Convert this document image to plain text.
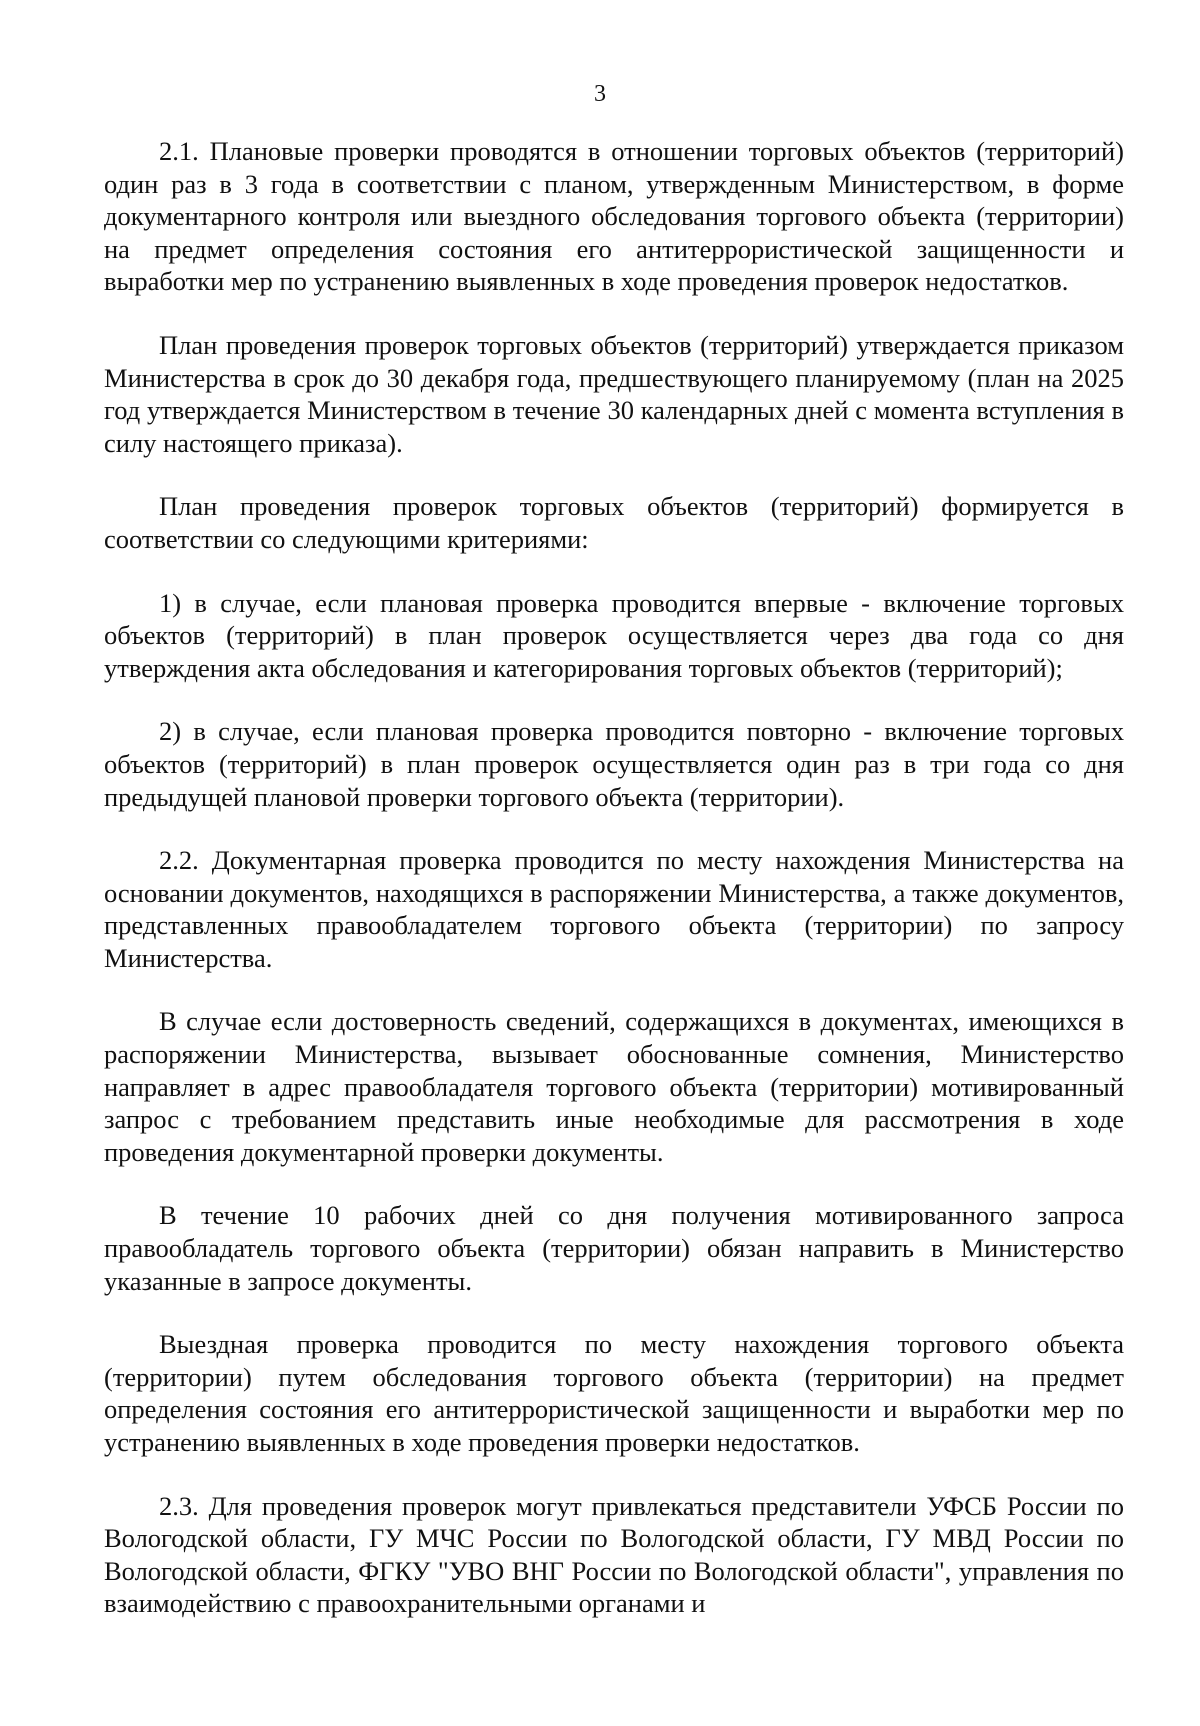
3

2.1. Плановые проверки проводятся в отношении торговых объектов (территорий) один раз в 3 года в соответствии с планом, утвержденным Министерством, в форме документарного контроля или выездного обследования торгового объекта (территории) на предмет определения состояния его антитеррористической защищенности и выработки мер по устранению выявленных в ходе проведения проверок недостатков.

План проведения проверок торговых объектов (территорий) утверждается приказом Министерства в срок до 30 декабря года, предшествующего планируемому (план на 2025 год утверждается Министерством в течение 30 календарных дней с момента вступления в силу настоящего приказа).

План проведения проверок торговых объектов (территорий) формируется в соответствии со следующими критериями:

1) в случае, если плановая проверка проводится впервые - включение торговых объектов (территорий) в план проверок осуществляется через два года со дня утверждения акта обследования и категорирования торговых объектов (территорий);

2) в случае, если плановая проверка проводится повторно - включение торговых объектов (территорий) в план проверок осуществляется один раз в три года со дня предыдущей плановой проверки торгового объекта (территории).

2.2. Документарная проверка проводится по месту нахождения Министерства на основании документов, находящихся в распоряжении Министерства, а также документов, представленных правообладателем торгового объекта (территории) по запросу Министерства.

В случае если достоверность сведений, содержащихся в документах, имеющихся в распоряжении Министерства, вызывает обоснованные сомнения, Министерство направляет в адрес правообладателя торгового объекта (территории) мотивированный запрос с требованием представить иные необходимые для рассмотрения в ходе проведения документарной проверки документы.

В течение 10 рабочих дней со дня получения мотивированного запроса правообладатель торгового объекта (территории) обязан направить в Министерство указанные в запросе документы.

Выездная проверка проводится по месту нахождения торгового объекта (территории) путем обследования торгового объекта (территории) на предмет определения состояния его антитеррористической защищенности и выработки мер по устранению выявленных в ходе проведения проверки недостатков.

2.3. Для проведения проверок могут привлекаться представители УФСБ России по Вологодской области, ГУ МЧС России по Вологодской области, ГУ МВД России по Вологодской области, ФГКУ "УВО ВНГ России по Вологодской области", управления по взаимодействию с правоохранительными органами и
